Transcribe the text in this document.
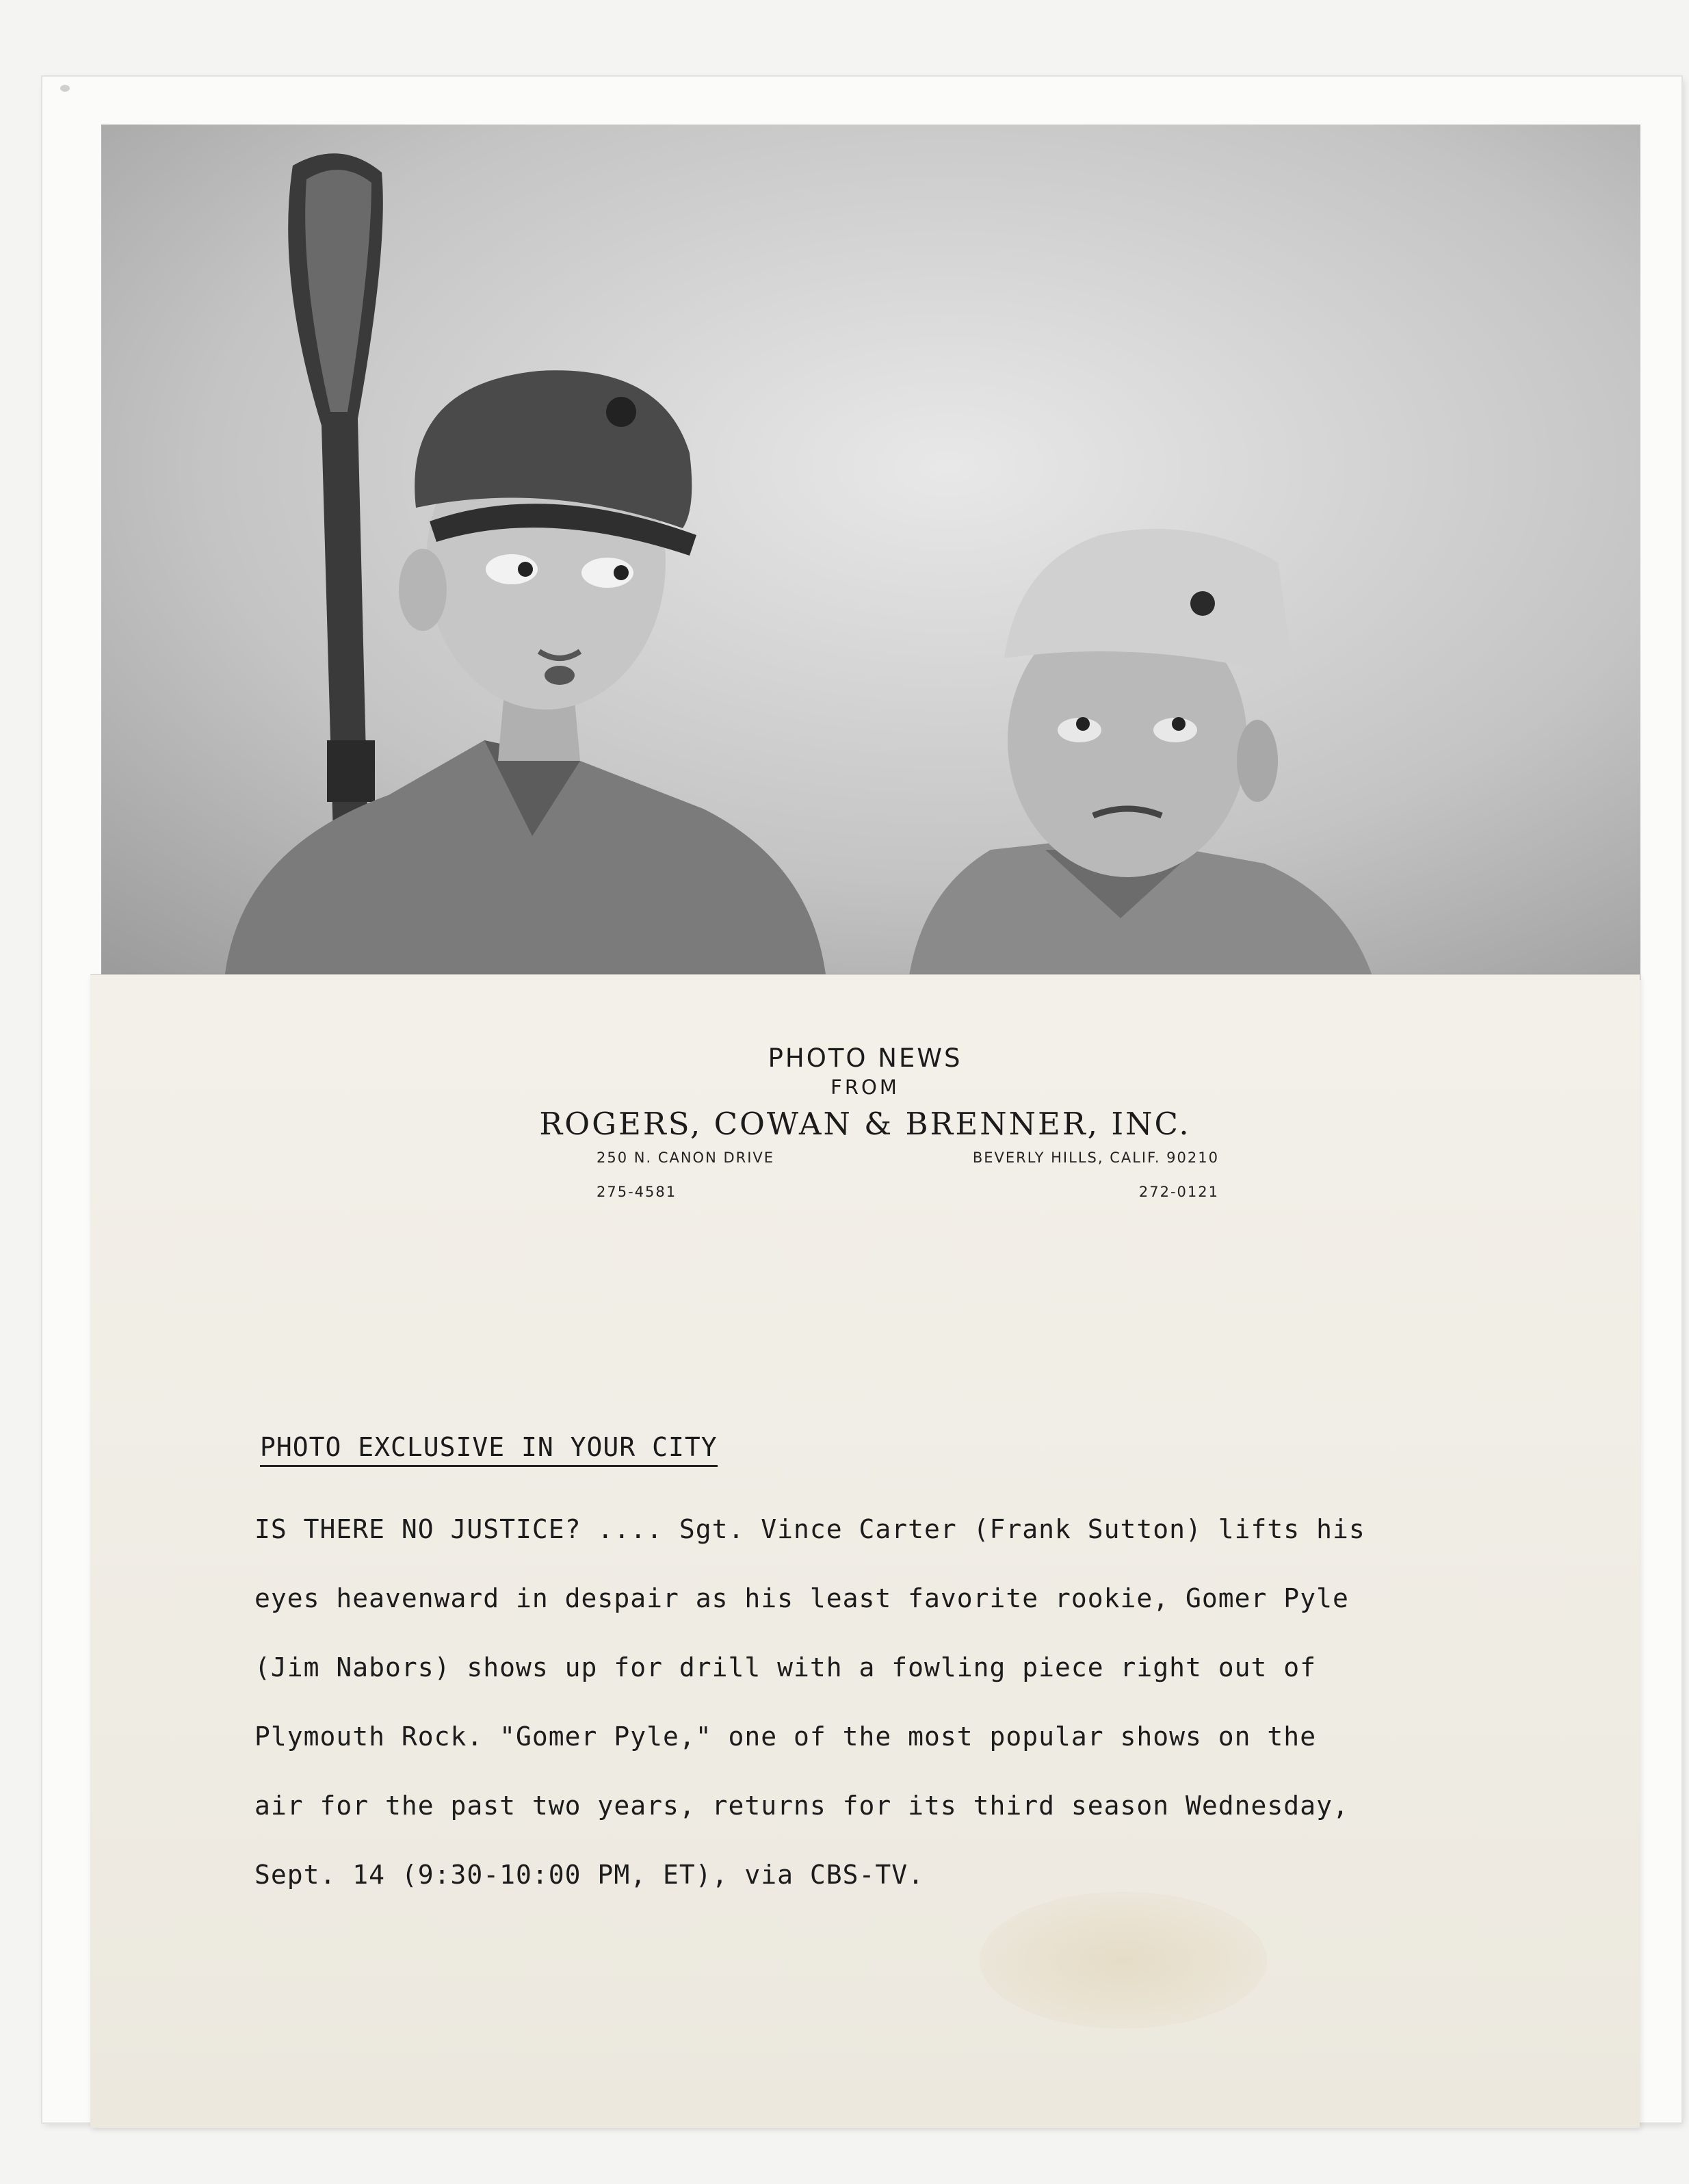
PHOTO NEWS
FROM
ROGERS, COWAN & BRENNER, INC.
250 N. CANON DRIVE	BEVERLY HILLS, CALIF. 90210
275-4581	272-0121
PHOTO EXCLUSIVE IN YOUR CITY
IS THERE NO JUSTICE? .... Sgt. Vince Carter (Frank Sutton) lifts his
eyes heavenward in despair as his least favorite rookie, Gomer Pyle
(Jim Nabors) shows up for drill with a fowling piece right out of
Plymouth Rock. "Gomer Pyle," one of the most popular shows on the
air for the past two years, returns for its third season Wednesday,
Sept. 14 (9:30-10:00 PM, ET), via CBS-TV.
